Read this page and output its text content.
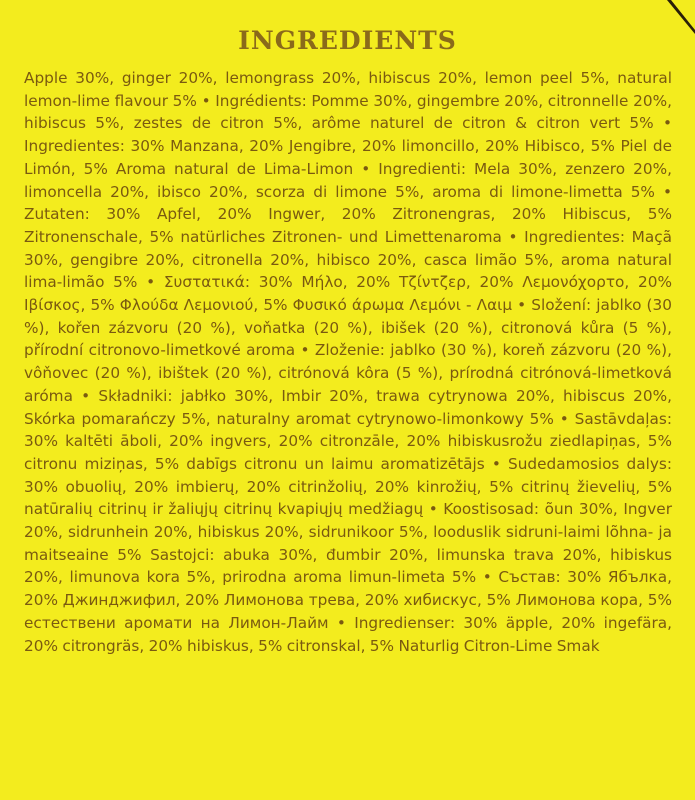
INGREDIENTS

Apple 30%, ginger 20%, lemongrass 20%, hibiscus 20%, lemon peel 5%, natural lemon-lime flavour 5% • Ingrédients: Pomme 30%, gingembre 20%, citronnelle 20%, hibiscus 5%, zestes de citron 5%, arôme naturel de citron & citron vert 5% • Ingredientes: 30% Manzana, 20% Jengibre, 20% limoncillo, 20% Hibisco, 5% Piel de Limón, 5% Aroma natural de Lima-Limon • Ingredienti: Mela 30%, zenzero 20%, limoncella 20%, ibisco 20%, scorza di limone 5%, aroma di limone-limetta 5% • Zutaten: 30% Apfel, 20% Ingwer, 20% Zitronengras, 20% Hibiscus, 5% Zitronenschale, 5% natürliches Zitronen- und Limettenaroma • Ingredientes: Maçã 30%, gengibre 20%, citronella 20%, hibisco 20%, casca limão 5%, aroma natural lima-limão 5% • Συστατικά: 30% Μήλο, 20% Τζίντζερ, 20% Λεμονόχορτο, 20% Ιβίσκος, 5% Φλούδα Λεμονιού, 5% Φυσικό άρωμα Λεμόνι - Λαιμ • Složení: jablko (30 %), kořen zázvoru (20 %), voňatka (20 %), ibišek (20 %), citronová kůra (5 %), přírodní citronovo-limetkové aroma • Zloženie: jablko (30 %), koreň zázvoru (20 %), vôňovec (20 %), ibištek (20 %), citrónová kôra (5 %), prírodná citrónová-limetková aróma • Składniki: jabłko 30%, Imbir 20%, trawa cytrynowa 20%, hibiscus 20%, Skórka pomarańczy 5%, naturalny aromat cytrynowo-limonkowy 5% • Sastāvdaļas: 30% kaltēti āboli, 20% ingvers, 20% citronzāle, 20% hibiskusrožu ziedlapiņas, 5% citronu miziņas, 5% dabīgs citronu un laimu aromatizētājs • Sudedamosios dalys: 30% obuolių, 20% imbierų, 20% citrinžolių, 20% kinrožių, 5% citrinų žievelių, 5% natūralių citrinų ir žaliųjų citrinų kvapiųjų medžiagų • Koostisosad: õun 30%, Ingver 20%, sidrunhein 20%, hibiskus 20%, sidrunikoor 5%, looduslik sidruni-laimi lõhna- ja maitseaine 5% Sastojci: abuka 30%, đumbir 20%, limunska trava 20%, hibiskus 20%, limunova kora 5%, prirodna aroma limun-limeta 5% • Състав: 30% Ябълка, 20% Джинджифил, 20% Лимонова трева, 20% хибискус, 5% Лимонова кора, 5% естествени аромати на Лимон-Лайм • Ingredienser: 30% äpple, 20% ingefära, 20% citrongräs, 20% hibiskus, 5% citronskal, 5% Naturlig Citron-Lime Smak
